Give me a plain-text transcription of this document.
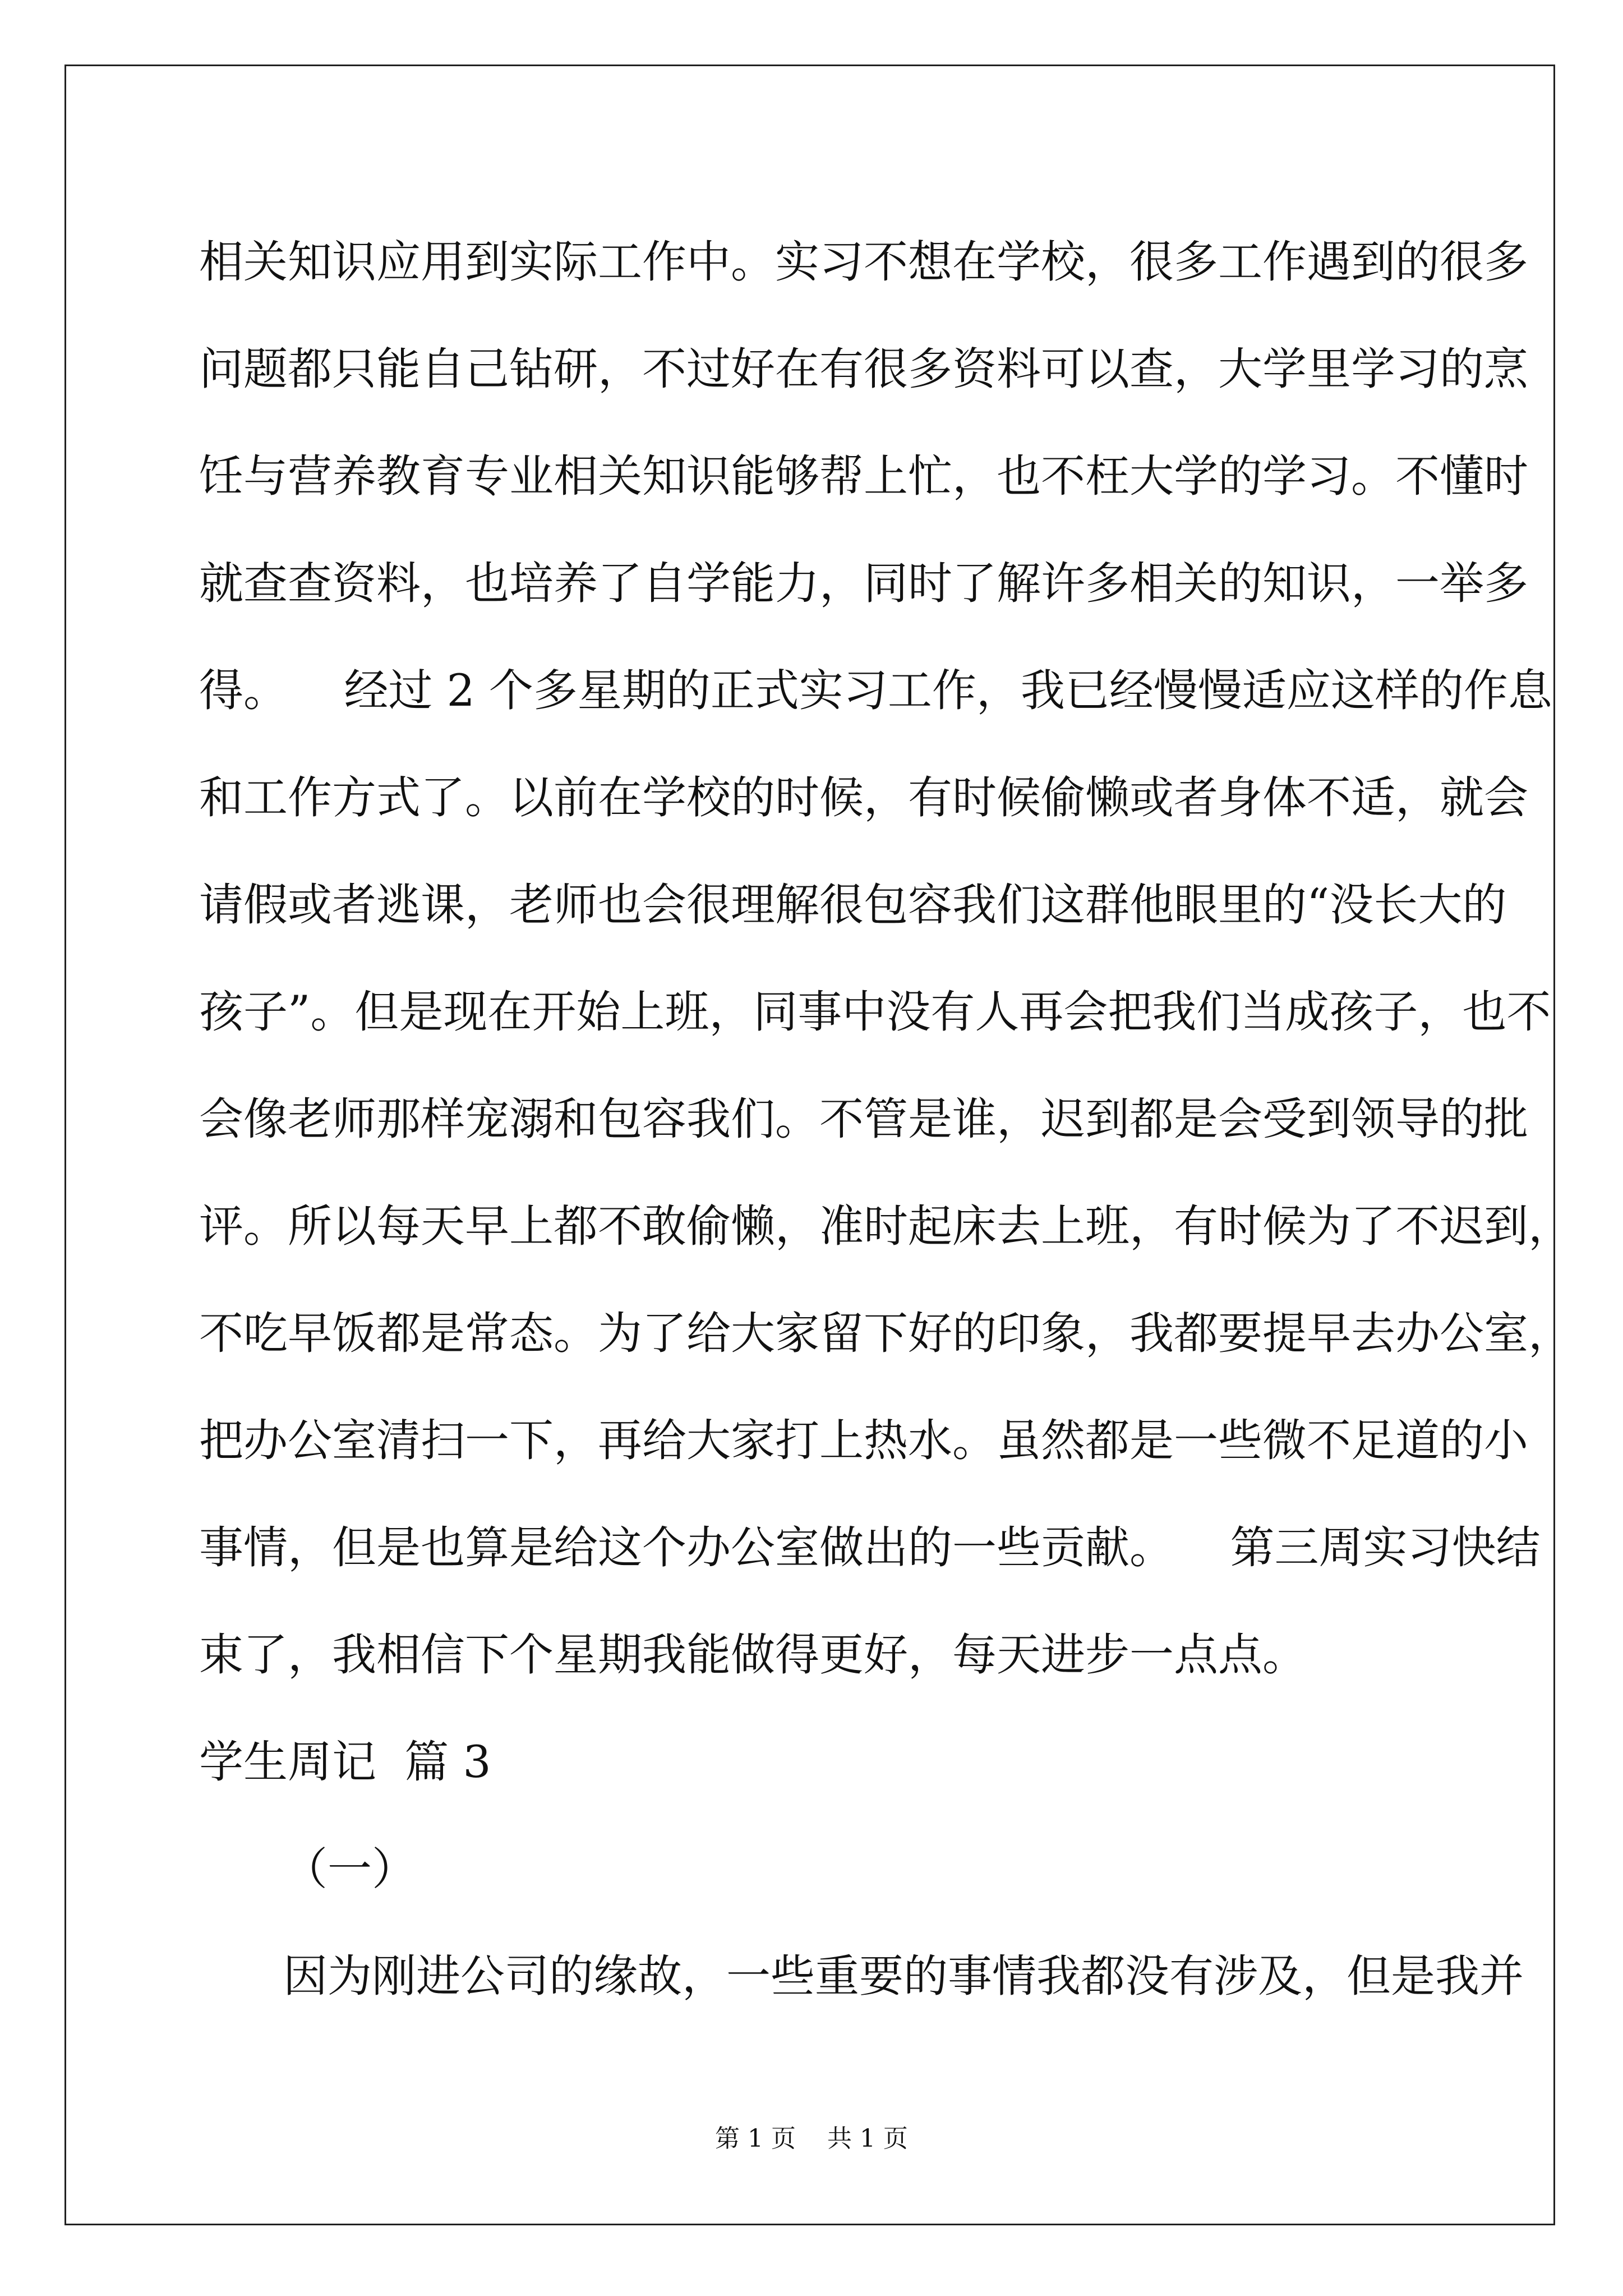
相关知识应用到实际工作中。实习不想在学校，很多工作遇到的很多
问题都只能自己钻研，不过好在有很多资料可以查，大学里学习的烹
饪与营养教育专业相关知识能够帮上忙，也不枉大学的学习。不懂时
就查查资料，也培养了自学能力，同时了解许多相关的知识，一举多
得。    经过 2 个多星期的正式实习工作，我已经慢慢适应这样的作息
和工作方式了。以前在学校的时候，有时候偷懒或者身体不适，就会
请假或者逃课，老师也会很理解很包容我们这群他眼里的“没长大的
孩子”。但是现在开始上班，同事中没有人再会把我们当成孩子，也不
会像老师那样宠溺和包容我们。不管是谁，迟到都是会受到领导的批
评。所以每天早上都不敢偷懒，准时起床去上班，有时候为了不迟到，
不吃早饭都是常态。为了给大家留下好的印象，我都要提早去办公室，
把办公室清扫一下，再给大家打上热水。虽然都是一些微不足道的小
事情，但是也算是给这个办公室做出的一些贡献。    第三周实习快结
束了，我相信下个星期我能做得更好，每天进步一点点。
学生周记  篇 3
（一）
因为刚进公司的缘故，一些重要的事情我都没有涉及，但是我并
第 1 页    共 1 页
